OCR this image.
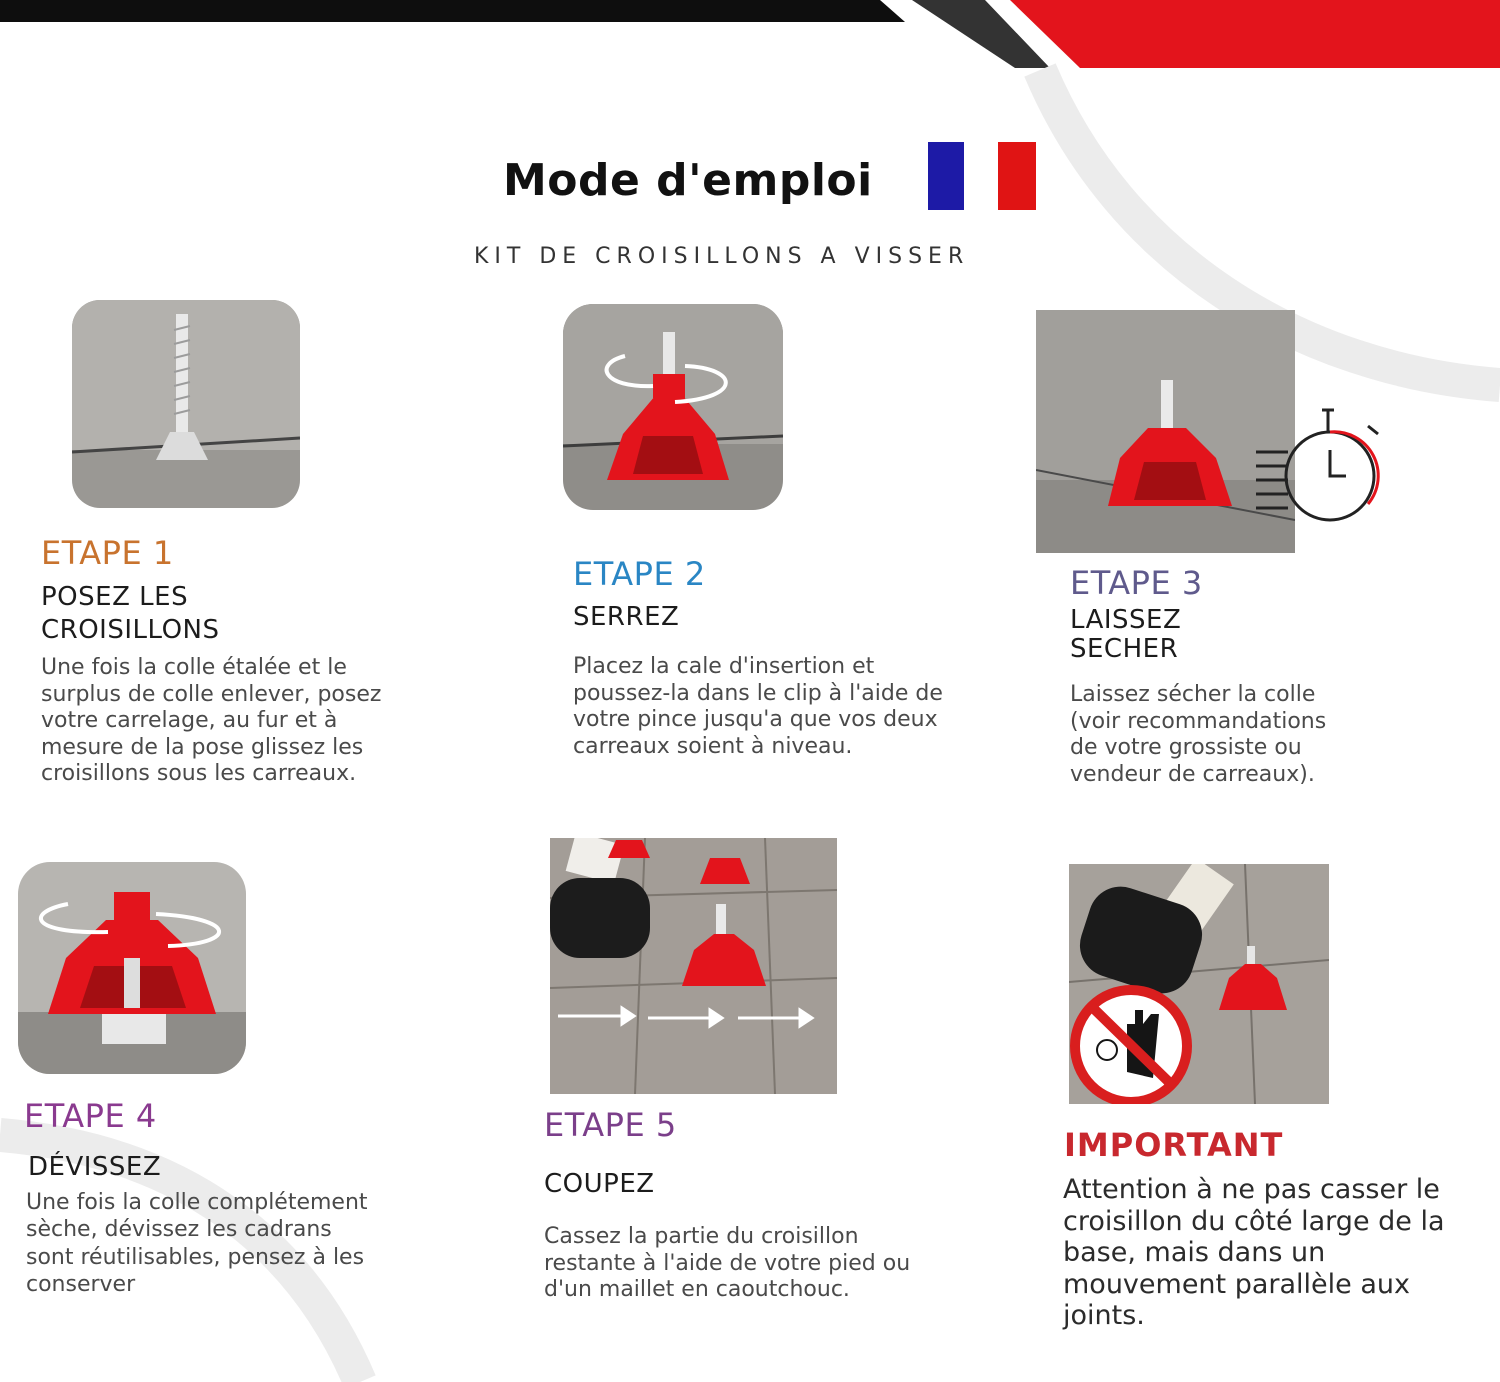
Mode d'emploi
KIT DE CROISILLONS A VISSER
ETAPE 1
POSEZ LES CROISILLONS
Une fois la colle étalée et le surplus de colle enlever, posez votre carrelage, au fur et à mesure de la pose glissez les croisillons sous les carreaux.
ETAPE 2
SERREZ
Placez la cale d'insertion et poussez-la dans le clip à l'aide de votre pince jusqu'a que vos deux carreaux soient à niveau.
ETAPE 3
LAISSEZ SECHER
Laissez sécher la colle (voir recommandations de votre grossiste ou vendeur de carreaux).
ETAPE 4
DÉVISSEZ
Une fois la colle complétement sèche, dévissez les cadrans sont réutilisables, pensez à les conserver
ETAPE 5
COUPEZ
Cassez la partie du croisillon restante à l'aide de votre pied ou d'un maillet en caoutchouc.
IMPORTANT
Attention à ne pas casser le croisillon du côté large de la base, mais dans un mouvement parallèle aux joints.
